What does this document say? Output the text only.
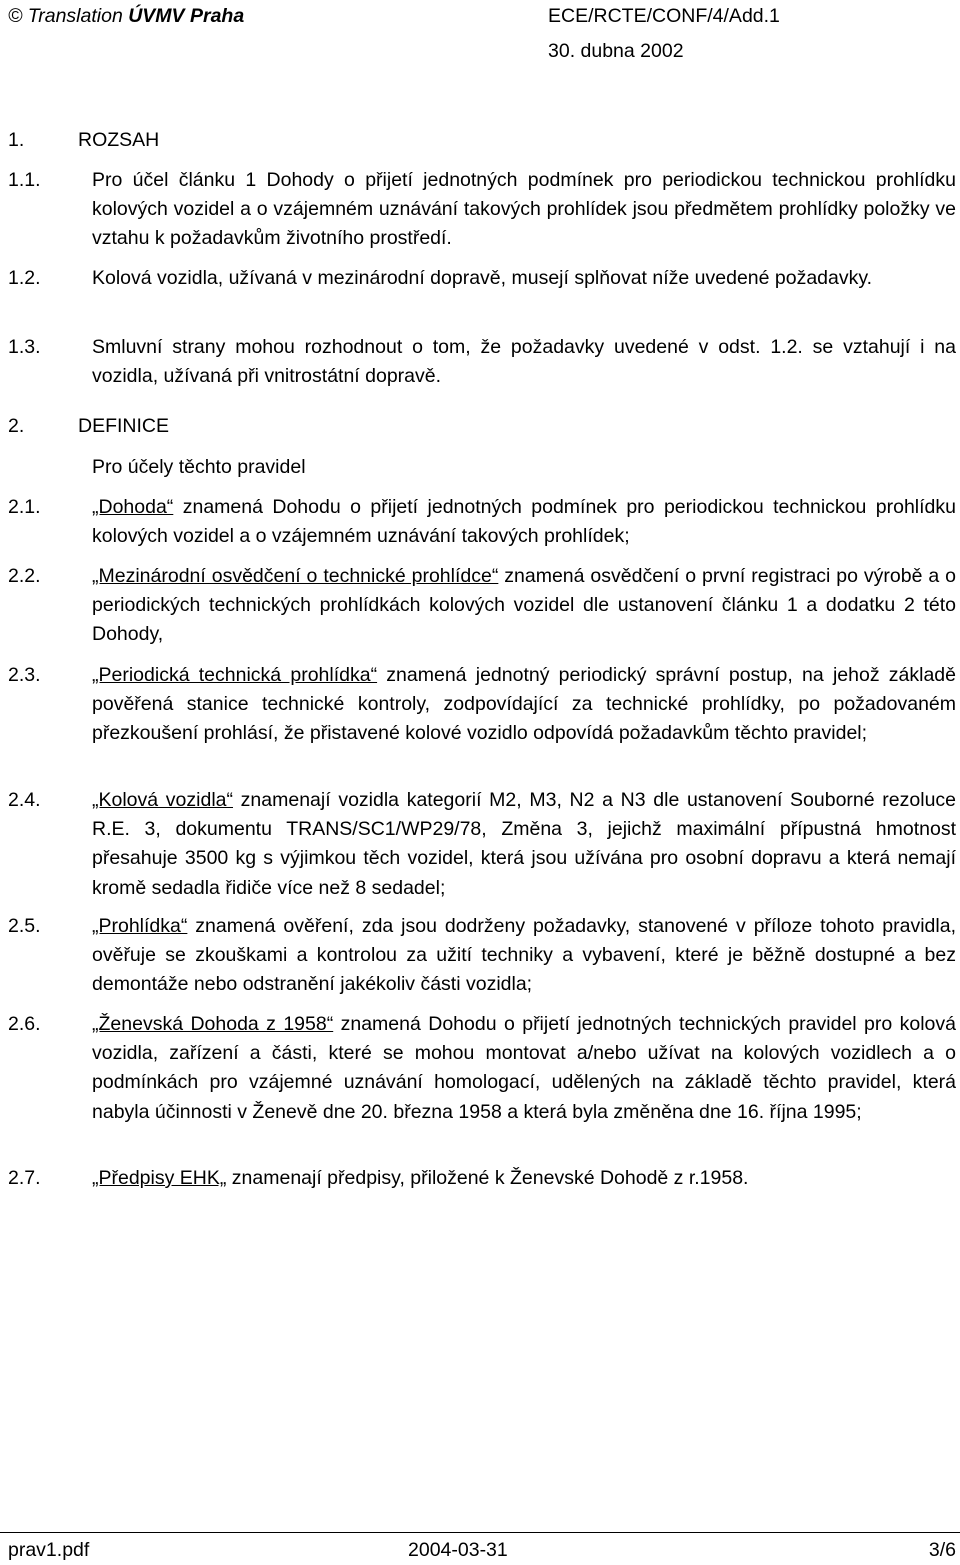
© Translation ÚVMV Praha	ECE/RCTE/CONF/4/Add.1
30. dubna 2002
1.	ROZSAH
1.1.	Pro účel článku 1 Dohody o přijetí jednotných podmínek pro periodickou technickou prohlídku kolových vozidel a o vzájemném uznávání takových prohlídek jsou předmětem prohlídky položky ve vztahu k požadavkům životního prostředí.
1.2.	Kolová vozidla, užívaná v mezinárodní dopravě, musejí splňovat níže uvedené požadavky.
1.3.	Smluvní strany mohou rozhodnout o tom, že požadavky uvedené v odst. 1.2. se vztahují i na vozidla, užívaná při vnitrostátní dopravě.
2.	DEFINICE
Pro účely těchto pravidel
2.1.	„Dohoda“ znamená Dohodu o přijetí jednotných podmínek pro periodickou technickou prohlídku kolových vozidel a o vzájemném uznávání takových prohlídek;
2.2.	„Mezinárodní osvědčení o technické prohlídce“ znamená osvědčení o první registraci po výrobě a o periodických technických prohlídkách kolových vozidel dle ustanovení článku 1 a dodatku 2 této Dohody,
2.3.	„Periodická technická prohlídka“ znamená jednotný periodický správní postup, na jehož základě pověřená stanice technické kontroly, zodpovídající za technické prohlídky, po požadovaném přezkoušení prohlásí, že přistavené kolové vozidlo odpovídá požadavkům těchto pravidel;
2.4.	„Kolová vozidla“ znamenají vozidla kategorií M2, M3, N2 a N3 dle ustanovení Souborné rezoluce R.E. 3, dokumentu TRANS/SC1/WP29/78, Změna 3, jejichž maximální přípustná hmotnost přesahuje 3500 kg s výjimkou těch vozidel, která jsou užívána pro osobní dopravu a která nemají kromě sedadla řidiče více než 8 sedadel;
2.5.	„Prohlídka“ znamená ověření, zda jsou dodrženy požadavky, stanovené v příloze tohoto pravidla, ověřuje se zkouškami a kontrolou za užití techniky a vybavení, které je běžně dostupné a bez demontáže nebo odstranění jakékoliv části vozidla;
2.6.	„Ženevská Dohoda z 1958“ znamená Dohodu o přijetí jednotných technických pravidel pro kolová vozidla, zařízení a části, které se mohou montovat a/nebo užívat na kolových vozidlech a o podmínkách pro vzájemné uznávání homologací, udělených na základě těchto pravidel, která nabyla účinnosti v Ženevě dne 20. března 1958 a která byla změněna dne 16. října 1995;
2.7.	„Předpisy EHK„ znamenají předpisy, přiložené k Ženevské Dohodě z r.1958.
prav1.pdf	2004-03-31	3/6
